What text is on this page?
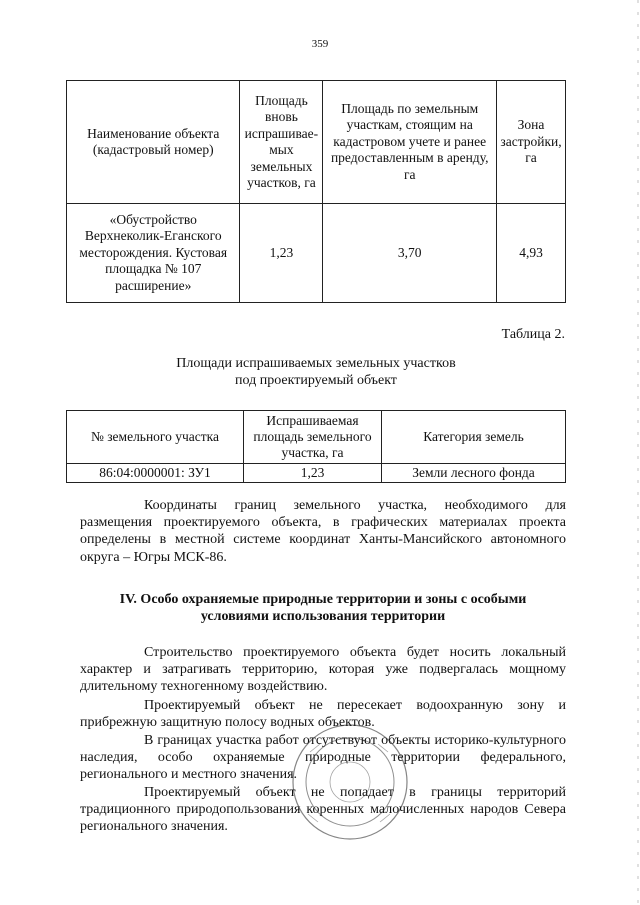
359
Наименование объекта (кадастровый номер)	Площадь вновь испрашивае-мых земельных участков, га	Площадь по земельным участкам, стоящим на кадастровом учете и ранее предоставленным в аренду, га	Зона застройки, га
«Обустройство Верхнеколик-Еганского месторождения. Кустовая площадка № 107 расширение»	1,23	3,70	4,93
Таблица 2.
Площади испрашиваемых земельных участков
под проектируемый объект
№ земельного участка	Испрашиваемая площадь земельного участка, га	Категория земель
86:04:0000001: ЗУ1	1,23	Земли лесного фонда
Координаты границ земельного участка, необходимого для размещения проектируемого объекта, в графических материалах проекта определены в местной системе координат Ханты-Мансийского автономного округа – Югры МСК-86.
IV. Особо охраняемые природные территории и зоны с особыми
условиями использования территории
Строительство проектируемого объекта будет носить локальный характер и затрагивать территорию, которая уже подвергалась мощному длительному техногенному воздействию.
Проектируемый объект не пересекает водоохранную зону и прибрежную защитную полосу водных объектов.
В границах участка работ отсутствуют объекты историко-культурного наследия, особо охраняемые природные территории федерального, регионального и местного значения.
Проектируемый объект не попадает в границы территорий традиционного природопользования коренных малочисленных народов Севера регионального значения.
